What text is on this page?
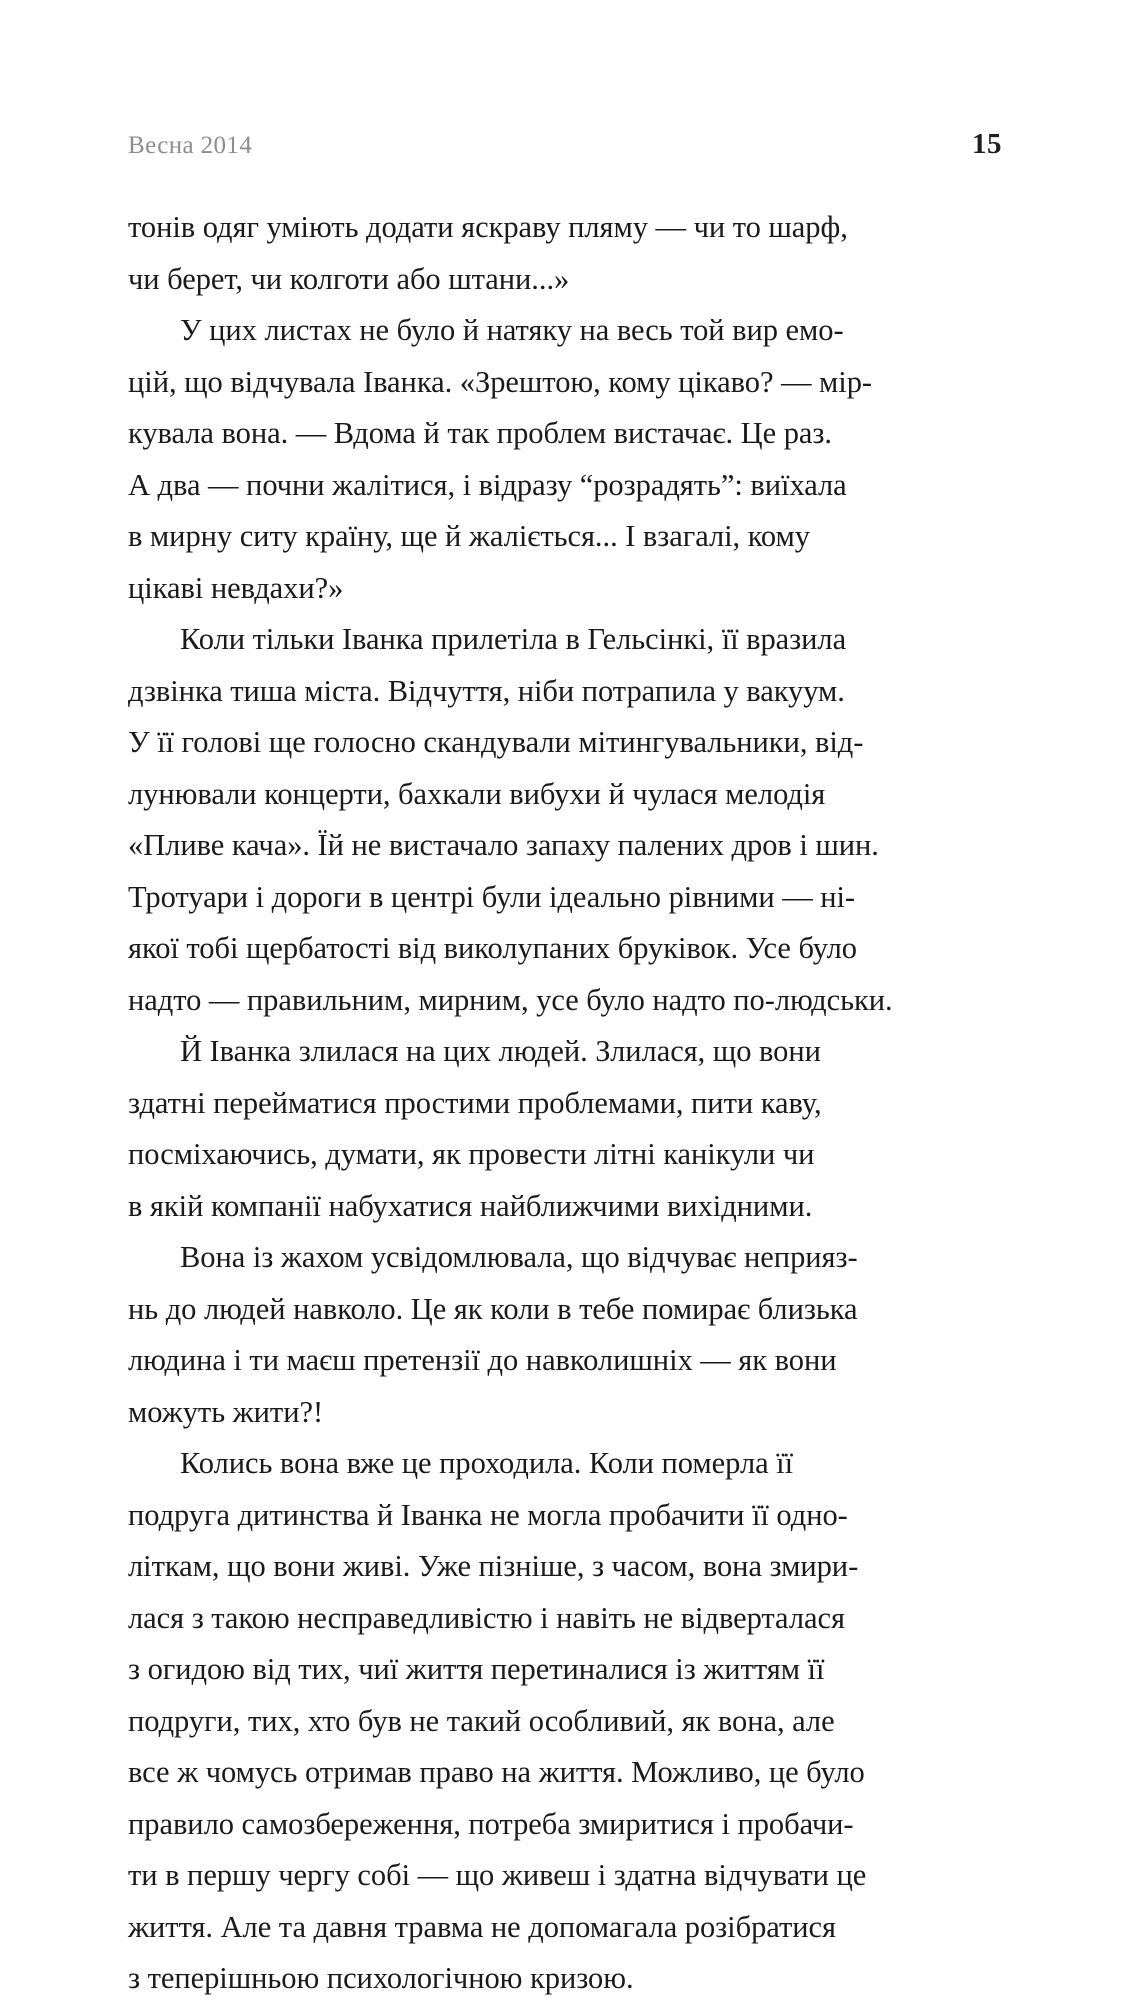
Весна 2014	15
тонів одяг уміють додати яскраву пляму — чи то шарф,
чи берет, чи колготи або штани...»
У цих листах не було й натяку на весь той вир емо-
цій, що відчувала Іванка. «Зрештою, кому цікаво? — мір-
кувала вона. — Вдома й так проблем вистачає. Це раз.
А два — почни жалітися, і відразу “розрадять”: виїхала
в мирну ситу країну, ще й жаліється... І взагалі, кому
цікаві невдахи?»
Коли тільки Іванка прилетіла в Гельсінкі, її вразила
дзвінка тиша міста. Відчуття, ніби потрапила у вакуум.
У її голові ще голосно скандували мітингувальники, від-
лунювали концерти, бахкали вибухи й чулася мелодія
«Пливе кача». Їй не вистачало запаху палених дров і шин.
Тротуари і дороги в центрі були ідеально рівними — ні-
якої тобі щербатості від виколупаних бруківок. Усе було
надто — правильним, мирним, усе було надто по-людськи.
Й Іванка злилася на цих людей. Злилася, що вони
здатні перейматися простими проблемами, пити каву,
посміхаючись, думати, як провести літні канікули чи
в якій компанії набухатися найближчими вихідними.
Вона із жахом усвідомлювала, що відчуває неприяз-
нь до людей навколо. Це як коли в тебе помирає близька
людина і ти маєш претензії до навколишніх — як вони
можуть жити?!
Колись вона вже це проходила. Коли померла її
подруга дитинства й Іванка не могла пробачити її одно-
літкам, що вони живі. Уже пізніше, з часом, вона змири-
лася з такою несправедливістю і навіть не відверталася
з огидою від тих, чиї життя перетиналися із життям її
подруги, тих, хто був не такий особливий, як вона, але
все ж чомусь отримав право на життя. Можливо, це було
правило самозбереження, потреба змиритися і пробачи-
ти в першу чергу собі — що живеш і здатна відчувати це
життя. Але та давня травма не допомагала розібратися
з теперішньою психологічною кризою.
